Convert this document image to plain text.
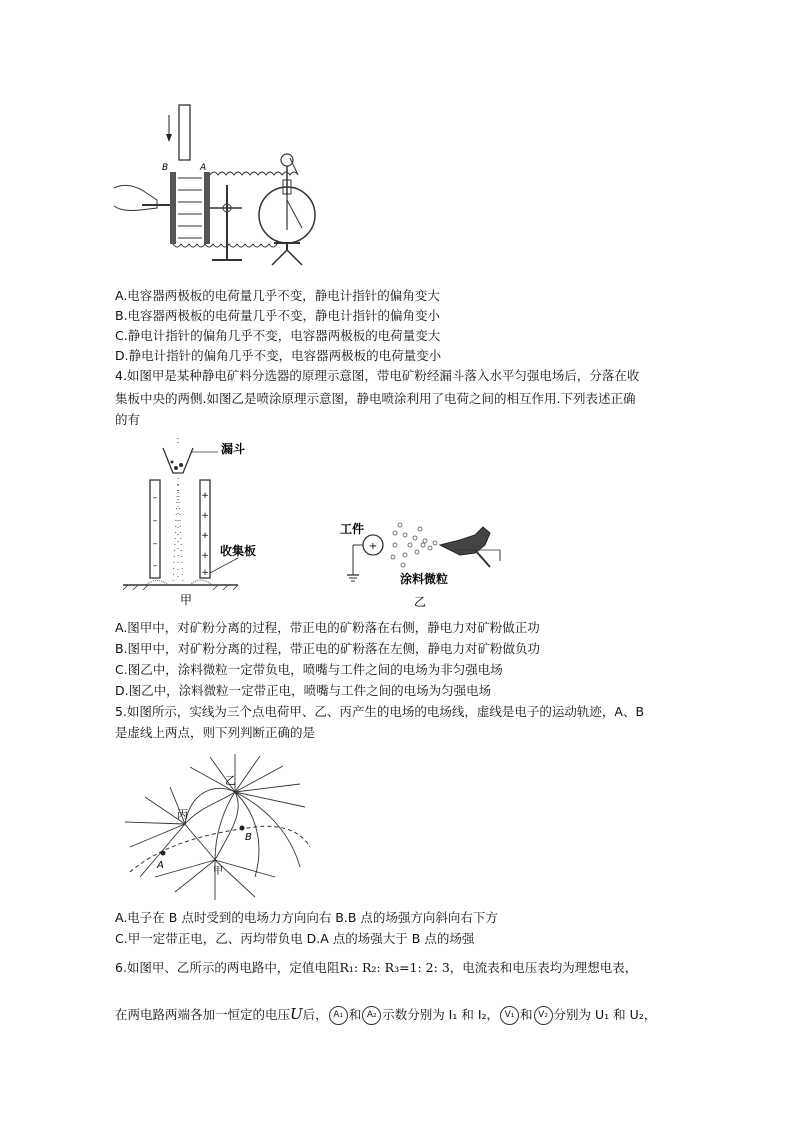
B	A
A.电容器两极板的电荷量几乎不变，静电计指针的偏角变大
B.电容器两极板的电荷量几乎不变，静电计指针的偏角变小
C.静电计指针的偏角几乎不变，电容器两极板的电荷量变大
D.静电计指针的偏角几乎不变，电容器两极板的电荷量变小
4.如图甲是某种静电矿料分选器的原理示意图，带电矿粉经漏斗落入水平匀强电场后，分落在收
集板中央的两侧.如图乙是喷涂原理示意图，静电喷涂利用了电荷之间的相互作用.下列表述正确
的有
漏斗
–
–
–
–
+
+
+
+
+
收集板
甲
工件
+
涂料微粒
乙
A.图甲中，对矿粉分离的过程，带正电的矿粉落在右侧，静电力对矿粉做正功
B.图甲中，对矿粉分离的过程，带正电的矿粉落在左侧，静电力对矿粉做负功
C.图乙中，涂料微粒一定带负电，喷嘴与工件之间的电场为非匀强电场
D.图乙中，涂料微粒一定带正电，喷嘴与工件之间的电场为匀强电场
5.如图所示，实线为三个点电荷甲、乙、丙产生的电场的电场线，虚线是电子的运动轨迹，A、B
是虚线上两点，则下列判断正确的是
乙
丙
甲
A
B
A.电子在 B 点时受到的电场力方向向右 B.B 点的场强方向斜向右下方
C.甲一定带正电，乙、丙均带负电 D.A 点的场强大于 B 点的场强
6.如图甲、乙所示的两电路中，定值电阻R₁: R₂: R₃=1: 2: 3，电流表和电压表均为理想电表，
在两电路两端各加一恒定的电压U后， A₁ 和 A₂ 示数分别为 I₁ 和 I₂， V₁ 和 V₂ 分别为 U₁ 和 U₂，
